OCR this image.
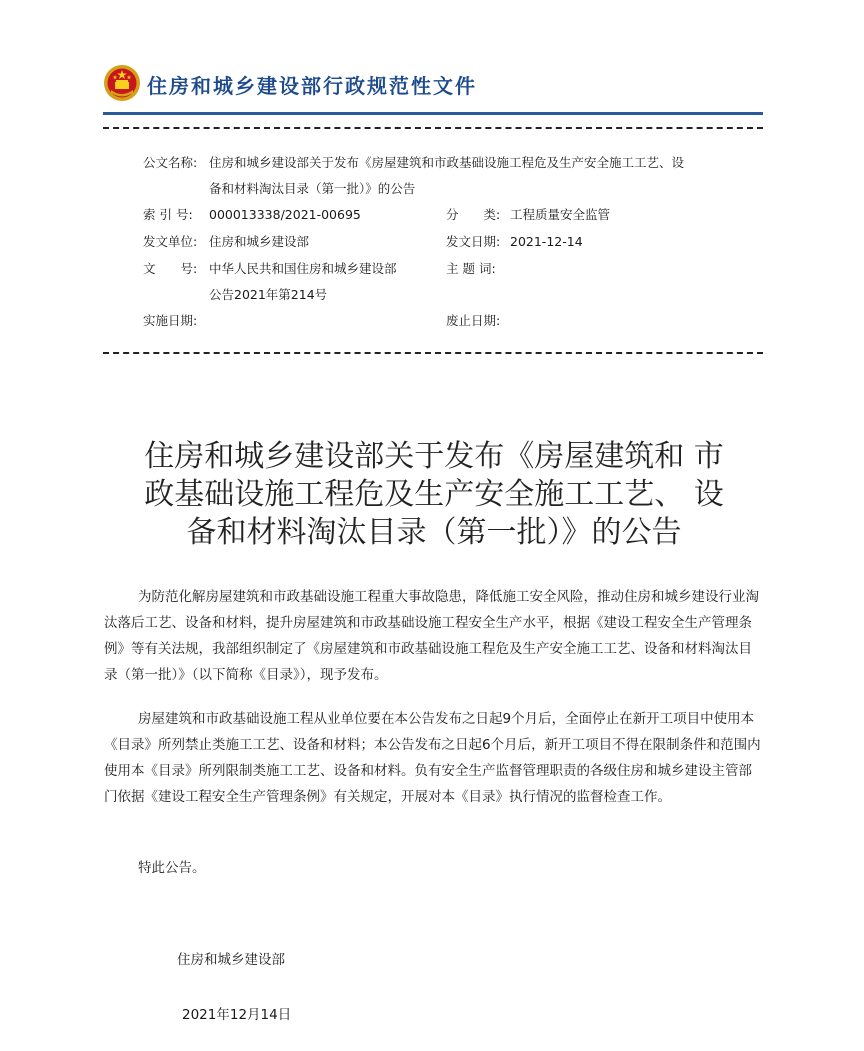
住房和城乡建设部行政规范性文件
公文名称: 住房和城乡建设部关于发布《房屋建筑和市政基础设施工程危及生产安全施工工艺、设
备和材料淘汰目录（第一批）》的公告
索 引 号: 000013338/2021-00695	分　　类: 工程质量安全监管
发文单位: 住房和城乡建设部	发文日期: 2021-12-14
文　　号: 中华人民共和国住房和城乡建设部
公告2021年第214号
主 题 词:
实施日期:	废止日期:
住房和城乡建设部关于发布《房屋建筑和 市
政基础设施工程危及生产安全施工工艺、 设
备和材料淘汰目录（第一批）》的公告

为防范化解房屋建筑和市政基础设施工程重大事故隐患，降低施工安全风险，推动住房和城乡建设行业淘汰落后工艺、设备和材料，提升房屋建筑和市政基础设施工程安全生产水平，根据《建设工程安全生产管理条例》等有关法规，我部组织制定了《房屋建筑和市政基础设施工程危及生产安全施工工艺、设备和材料淘汰目录（第一批）》（以下简称《目录》），现予发布。

房屋建筑和市政基础设施工程从业单位要在本公告发布之日起9个月后，全面停止在新开工项目中使用本《目录》所列禁止类施工工艺、设备和材料；本公告发布之日起6个月后，新开工项目不得在限制条件和范围内使用本《目录》所列限制类施工工艺、设备和材料。负有安全生产监督管理职责的各级住房和城乡建设主管部门依据《建设工程安全生产管理条例》有关规定，开展对本《目录》执行情况的监督检查工作。

特此公告。
住房和城乡建设部
2021年12月14日
